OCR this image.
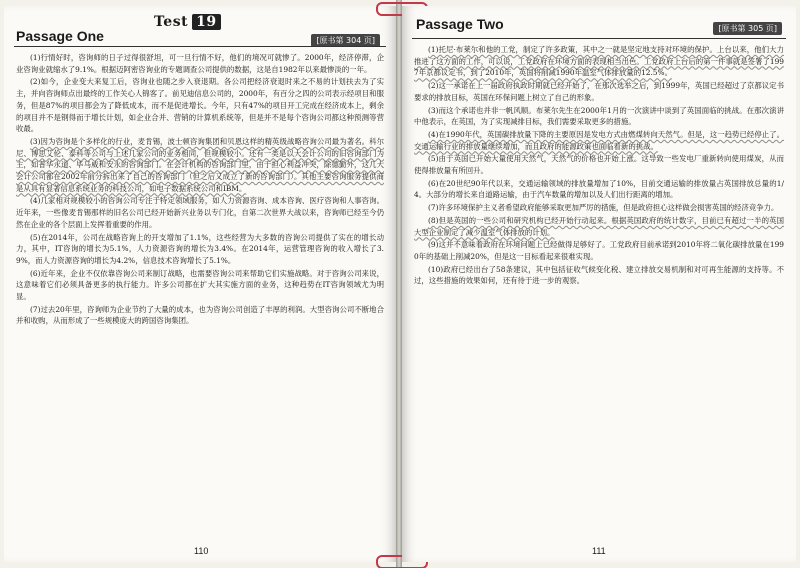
Test 19
Passage One	[原书第 304 页]

(1)行情好时，咨询师的日子过得很舒坦，可一旦行情不好，他们的境况可就惨了。2000年，经济停滞，企业咨询业就缩水了9.1%。根据迈阿密咨询业的专题调查公司提供的数据，这是自1982年以来最惨淡的一年。

(2)如今，企业变大来复工后，咨询业也随之步入衰退期。各公司把经济衰退时来之不易的计划扶去为了实主，并向咨询师点出最终的工作关心人锦客了。前见迪信息公司的，2000年，有百分之四的公司表示经项目和服务，但是87%的项目都会为了降低成本，而不是促进增长。今年，只有47%的项目开工完成在经济成本上，剩余的项目并不是钢得而于增长计划，如企业合并、营销的计算机系统等，但是并不是每个咨询公司都这种预测等营收最。

(3)因为咨询是个多样化的行业，麦肯锡，波士顿咨询集团和贝恩这样的精英级战略咨询公司最为著名。科尔尼、博思艾伦、泰科等公司与上述几家公司的业务相同，但规模较小。还有一类是以大会计公司的旧咨询部门为主，如普华永道、毕马威和安永的咨询部门。在会计机构的咨询部门里，由于担心利益冲突，除德勤外，这几大会计公司都在2002年前分拆出来了自己的咨询部门（但之后又成立了新的咨询部门）。其他主要咨询服务提供商是从具有显著信息系统业务的科技公司，如电子数据系统公司和IBM。

(4)几家相对规模较小的咨询公司专注于特定领域服务，如人力资源咨询、成本咨询、医疗咨询和人事咨询。近年来，一些像麦肯锡那样的旧名公司已经开始新兴业务以专门化，自第二次世界大战以来，咨询师已经至今仍然在企业的各个层面上发挥着重要的作用。

(5)在2014年，公司在战略咨询上的开支增加了1.1%，这些经营为大多数的咨询公司提供了实在的增长动力，其中，IT咨询的增长为5.1%，人力资源咨询的增长为3.4%。在2014年，运营管理咨询的收入增长了3.9%，而人力资源咨询的增长为4.2%，信息技术咨询增长了5.1%。

(6)近年来，企业不仅依靠咨询公司来制订战略，也需要咨询公司来帮助它们实施战略。对于咨询公司来说，这意味着它们必须具备更多的执行能力。许多公司都在扩大其实施方面的业务，这种趋势在IT咨询领域尤为明显。

(7)过去20年里，咨询师为企业节约了大量的成本，也为咨询公司创造了丰厚的利润。大型咨询公司不断地合并和收购，从而形成了一些规模庞大的跨国咨询集团。

110
Passage Two	[原书第 305 页]

(1)托尼·布莱尔和他的工党，制定了许多政策，其中之一就是坚定地支持对环境的保护。上台以来，他们大力推进了这方面的工作，可以说，工党政府在环境方面的表现相当出色。工党政府上台后的第一件事就是签署了1997年京都议定书，到了2010年，英国将削减1990年温室气体排放量的12.5%。

(2)这一承诺在上一届政府执政时期就已经开始了，在那次选举之后，到1999年，英国已经超过了京都议定书要求的排放目标，英国在环保问题上树立了自己的形象。

(3)而这个承诺也并非一帆风顺。布莱尔先生在2000年1月的一次演讲中谈到了英国面临的挑战。在那次演讲中他表示，在英国，为了实现减排目标，我们需要采取更多的措施。

(4)在1990年代，英国碳排放量下降的主要原因是发电方式由燃煤转向天然气。但是，这一趋势已经停止了。交通运输行业的排放量继续增加，而且政府的能源政策也面临着新的挑战。

(5)由于英国已开始大量使用天然气，天然气的价格也开始上涨。这导致一些发电厂重新转向使用煤炭，从而使得排放量有所回升。

(6)在20世纪90年代以来，交通运输领域的排放量增加了10%，目前交通运输的排放量占英国排放总量的1/4。大部分的增长来自道路运输，由于汽车数量的增加以及人们出行距离的增加。

(7)许多环境保护主义者希望政府能够采取更加严厉的措施，但是政府担心这样做会损害英国的经济竞争力。

(8)但是英国的一些公司和研究机构已经开始行动起来。根据英国政府的统计数字，目前已有超过一半的英国大型企业制定了减少温室气体排放的计划。

(9)这并不意味着政府在环境问题上已经做得足够好了。工党政府目前承诺到2010年将二氧化碳排放量在1990年的基础上削减20%，但是这一目标看起来很难实现。

(10)政府已经出台了58条建议，其中包括征收气候变化税、建立排放交易机制和对可再生能源的支持等。不过，这些措施的效果如何，还有待于进一步的观察。

111
